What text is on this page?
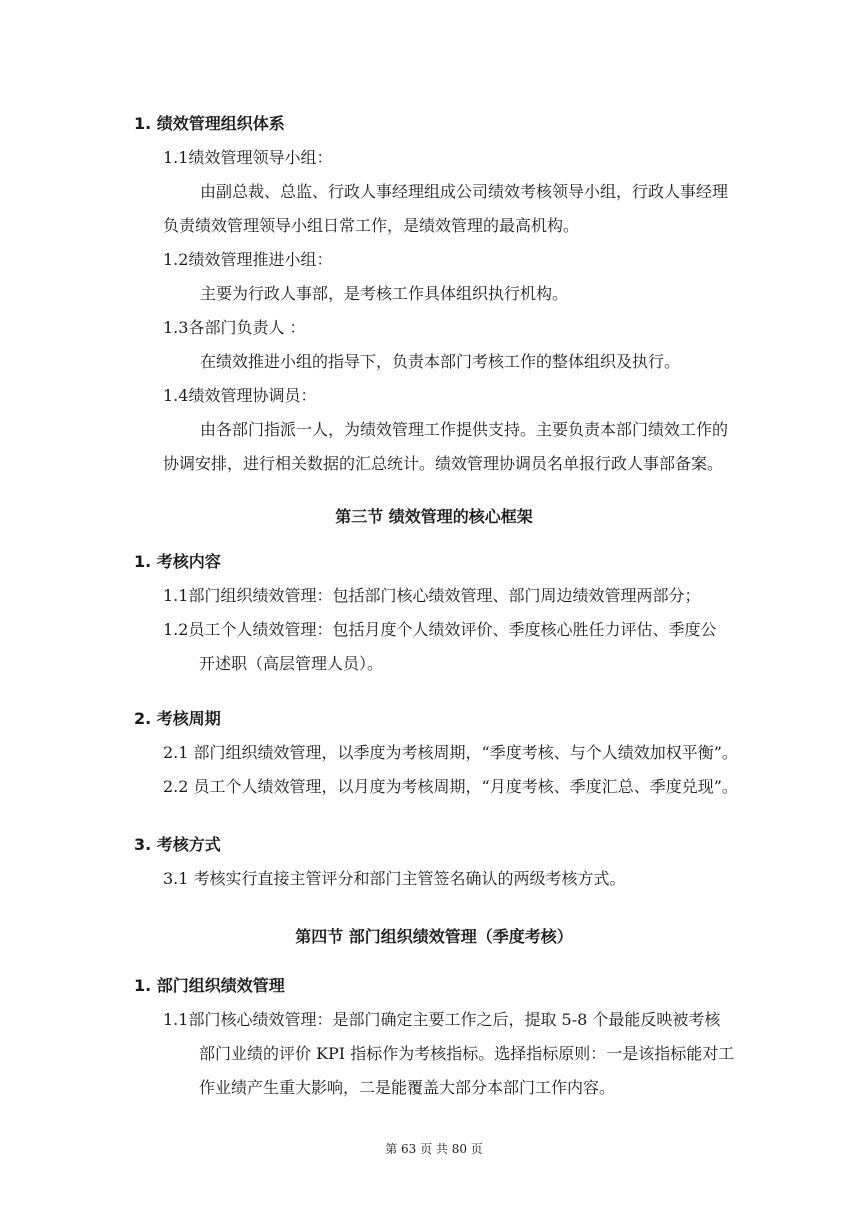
1. 绩效管理组织体系
1.1绩效管理领导小组：
由副总裁、总监、行政人事经理组成公司绩效考核领导小组，行政人事经理
负责绩效管理领导小组日常工作，是绩效管理的最高机构。
1.2绩效管理推进小组：
主要为行政人事部，是考核工作具体组织执行机构。
1.3各部门负责人 ：
在绩效推进小组的指导下，负责本部门考核工作的整体组织及执行。
1.4绩效管理协调员：
由各部门指派一人，为绩效管理工作提供支持。主要负责本部门绩效工作的
协调安排，进行相关数据的汇总统计。绩效管理协调员名单报行政人事部备案。
第三节 绩效管理的核心框架
1. 考核内容
1.1部门组织绩效管理：包括部门核心绩效管理、部门周边绩效管理两部分；
1.2员工个人绩效管理：包括月度个人绩效评价、季度核心胜任力评估、季度公
开述职（高层管理人员）。
2. 考核周期
2.1 部门组织绩效管理，以季度为考核周期，“季度考核、与个人绩效加权平衡”。
2.2 员工个人绩效管理，以月度为考核周期，“月度考核、季度汇总、季度兑现”。
3. 考核方式
3.1 考核实行直接主管评分和部门主管签名确认的两级考核方式。
第四节 部门组织绩效管理（季度考核）
1. 部门组织绩效管理
1.1部门核心绩效管理：是部门确定主要工作之后，提取 5-8 个最能反映被考核
部门业绩的评价 KPI 指标作为考核指标。选择指标原则：一是该指标能对工
作业绩产生重大影响，二是能覆盖大部分本部门工作内容。
第 63 页 共 80 页
